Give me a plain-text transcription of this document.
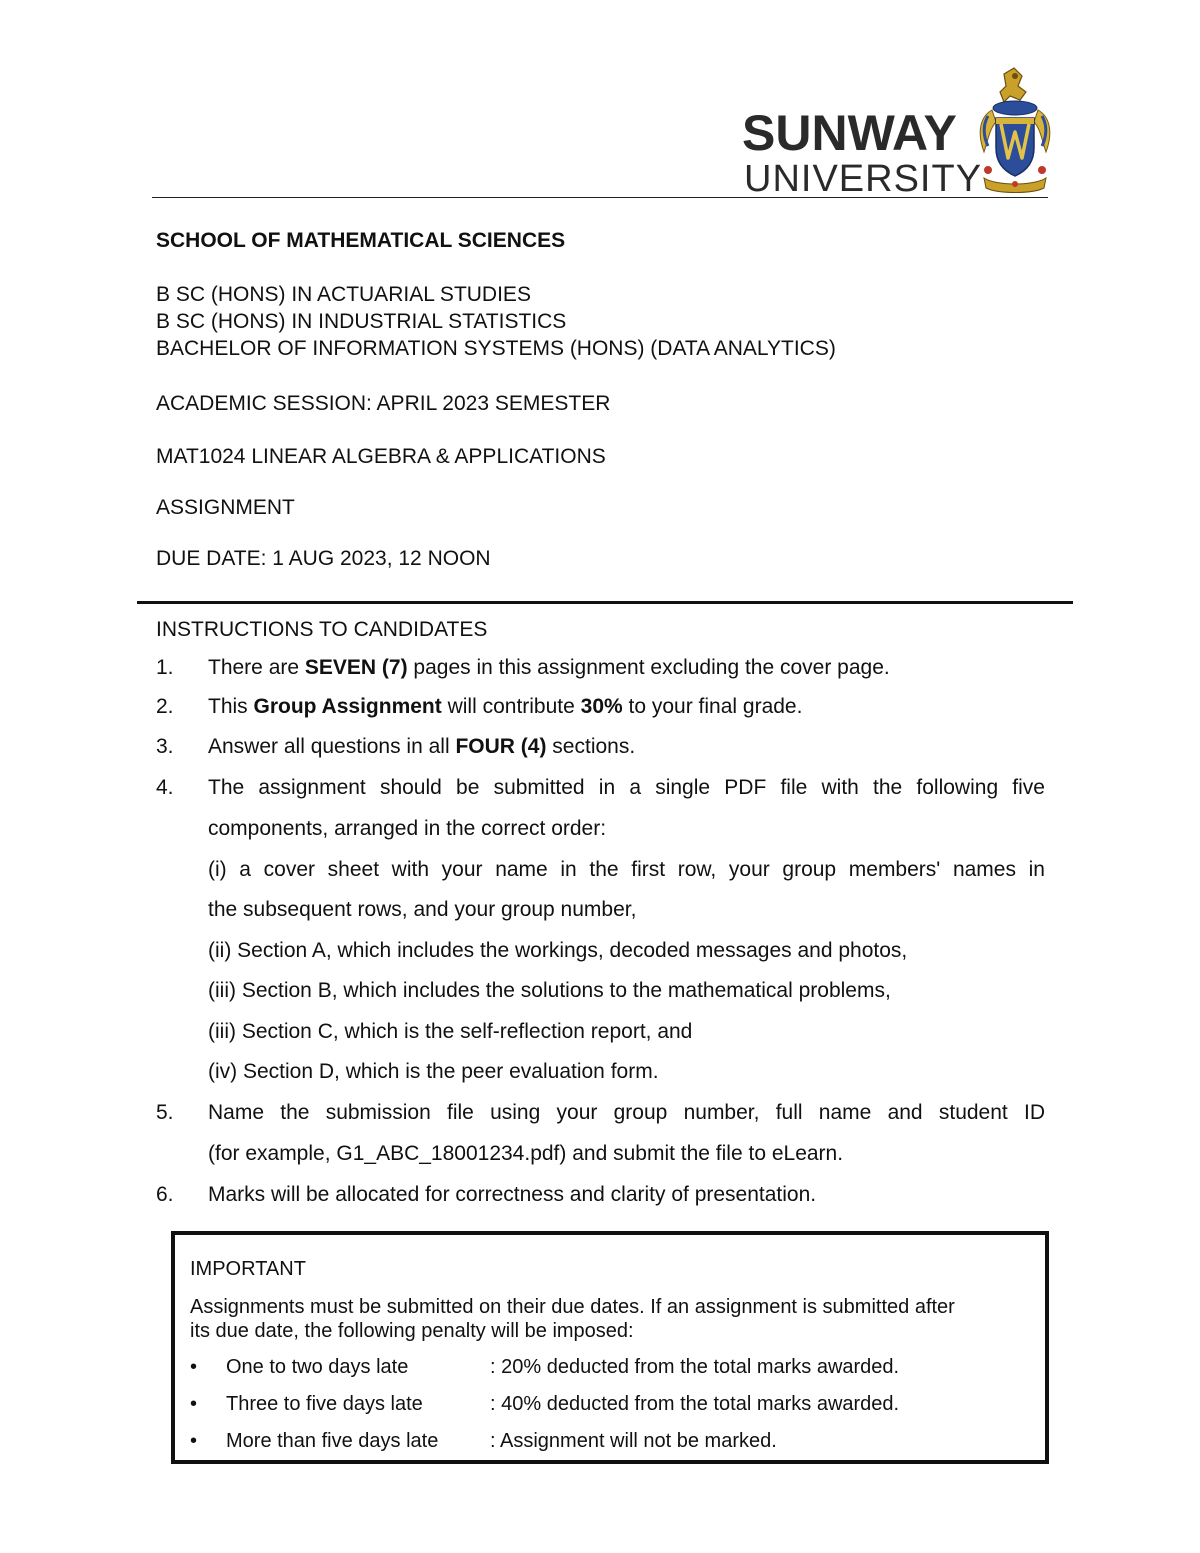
SUNWAY
UNIVERSITY
SCHOOL OF MATHEMATICAL SCIENCES
B SC (HONS) IN ACTUARIAL STUDIES
B SC (HONS) IN INDUSTRIAL STATISTICS
BACHELOR OF INFORMATION SYSTEMS (HONS) (DATA ANALYTICS)
ACADEMIC SESSION: APRIL 2023 SEMESTER
MAT1024 LINEAR ALGEBRA & APPLICATIONS
ASSIGNMENT
DUE DATE: 1 AUG 2023, 12 NOON
INSTRUCTIONS TO CANDIDATES
1. There are SEVEN (7) pages in this assignment excluding the cover page.
2. This Group Assignment will contribute 30% to your final grade.
3. Answer all questions in all FOUR (4) sections.
4.	The assignment should be submitted in a single PDF file with the following five
components, arranged in the correct order:
(i) a cover sheet with your name in the first row, your group members' names in
the subsequent rows, and your group number,
(ii) Section A, which includes the workings, decoded messages and photos,
(iii) Section B, which includes the solutions to the mathematical problems,
(iii) Section C, which is the self-reflection report, and
(iv) Section D, which is the peer evaluation form.
5.	Name the submission file using your group number, full name and student ID
(for example, G1_ABC_18001234.pdf) and submit the file to eLearn.
6. Marks will be allocated for correctness and clarity of presentation.
IMPORTANT
Assignments must be submitted on their due dates. If an assignment is submitted after
its due date, the following penalty will be imposed:
• One to two days late	: 20% deducted from the total marks awarded.
• Three to five days late	: 40% deducted from the total marks awarded.
• More than five days late	: Assignment will not be marked.
